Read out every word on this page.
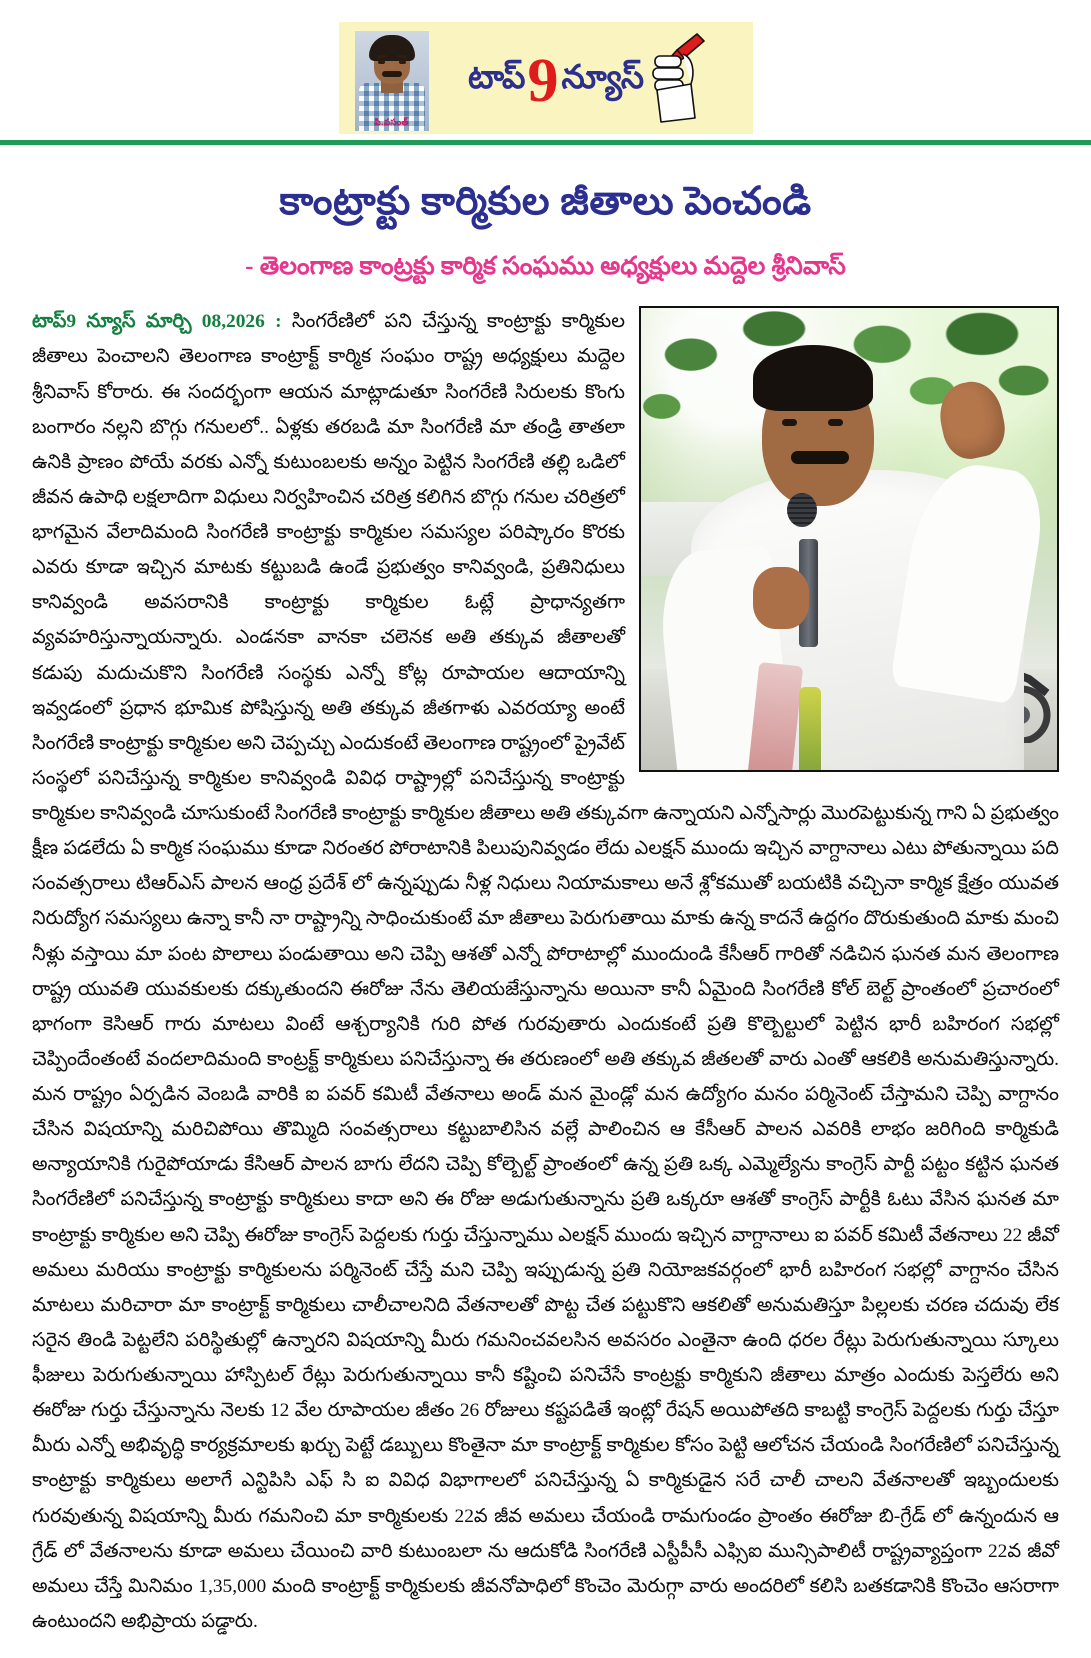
పి.వసంత్
టాప్ 9 న్యూస్
కాంట్రాక్టు కార్మికుల జీతాలు పెంచండి
- తెలంగాణ కాంట్రక్టు కార్మిక సంఘము అధ్యక్షులు మద్దెల శ్రీనివాస్

టాప్9 న్యూస్ మార్చి 08,2026 : సింగరేణిలో పని చేస్తున్న కాంట్రాక్టు కార్మికుల జీతాలు పెంచాలని తెలంగాణ కాంట్రాక్ట్ కార్మిక సంఘం రాష్ట్ర అధ్యక్షులు మద్దెల శ్రీనివాస్ కోరారు. ఈ సందర్భంగా ఆయన మాట్లాడుతూ సింగరేణి సిరులకు కొంగు బంగారం నల్లని బొగ్గు గనులలో.. ఏళ్లకు తరబడి మా సింగరేణి మా తండ్రి తాతలా ఉనికి ప్రాణం పోయే వరకు ఎన్నో కుటుంబలకు అన్నం పెట్టిన సింగరేణి తల్లి ఒడిలో జీవన ఉపాధి లక్షలాదిగా విధులు నిర్వహించిన చరిత్ర కలిగిన బొగ్గు గనుల చరిత్రలో భాగమైన వేలాదిమంది సింగరేణి కాంట్రాక్టు కార్మికుల సమస్యల పరిష్కారం కొరకు ఎవరు కూడా ఇచ్చిన మాటకు కట్టుబడి ఉండే ప్రభుత్వం కానివ్వండి, ప్రతినిధులు కానివ్వండి అవసరానికి కాంట్రాక్టు కార్మికుల ఓట్లే ప్రాధాన్యతగా వ్యవహరిస్తున్నాయన్నారు. ఎండనకా వానకా చలెనక అతి తక్కువ జీతాలతో కడుపు మదుచుకొని సింగరేణి సంస్థకు ఎన్నో కోట్ల రూపాయల ఆదాయాన్ని ఇవ్వడంలో ప్రధాన భూమిక పోషిస్తున్న అతి తక్కువ జీతగాళు ఎవరయ్యా అంటే సింగరేణి కాంట్రాక్టు కార్మికుల అని చెప్పచ్చు ఎందుకంటే తెలంగాణ రాష్ట్రంలో ప్రైవేట్ సంస్థలో పనిచేస్తున్న కార్మికుల కానివ్వండి వివిధ రాష్ట్రాల్లో పనిచేస్తున్న కాంట్రాక్టు కార్మికుల కానివ్వండి చూసుకుంటే సింగరేణి కాంట్రాక్టు కార్మికుల జీతాలు అతి తక్కువగా ఉన్నాయని ఎన్నోసార్లు మొరపెట్టుకున్న గాని ఏ ప్రభుత్వం క్షీణ పడలేదు ఏ కార్మిక సంఘము కూడా నిరంతర పోరాటానికి పిలుపునివ్వడం లేదు ఎలక్షన్ ముందు ఇచ్చిన వాగ్దానాలు ఎటు పోతున్నాయి పది సంవత్సరాలు టిఆర్ఎస్ పాలన ఆంధ్ర ప్రదేశ్ లో ఉన్నప్పుడు నీళ్ల నిధులు నియామకాలు అనే శ్లోకముతో బయటికి వచ్చినా కార్మిక క్షేత్రం యువత నిరుద్యోగ సమస్యలు ఉన్నా కానీ నా రాష్ట్రాన్ని సాధించుకుంటే మా జీతాలు పెరుగుతాయి మాకు ఉన్న కాదనే ఉద్దగం దొరుకుతుంది మాకు మంచి నీళ్లు వస్తాయి మా పంట పొలాలు పండుతాయి అని చెప్పి ఆశతో ఎన్నో పోరాటాల్లో ముందుండి కేసీఆర్ గారితో నడిచిన ఘనత మన తెలంగాణ రాష్ట్ర యువతి యువకులకు దక్కుతుందని ఈరోజు నేను తెలియజేస్తున్నాను అయినా కానీ ఏమైంది సింగరేణి కోల్ బెల్ట్ ప్రాంతంలో ప్రచారంలో భాగంగా కెసిఆర్ గారు మాటలు వింటే ఆశ్చర్యానికి గురి పోత గురవుతారు ఎందుకంటే ప్రతి కొల్బెల్టులో పెట్టిన భారీ బహిరంగ సభల్లో చెప్పిందేంతంటే వందలాదిమంది కాంట్రక్ట్ కార్మికులు పనిచేస్తున్నా ఈ తరుణంలో అతి తక్కువ జీతలతో వారు ఎంతో ఆకలికి అనుమతిస్తున్నారు. మన రాష్ట్రం ఏర్పడిన వెంబడి వారికి ఐ పవర్ కమిటీ వేతనాలు అండ్ మన మైండ్లో మన ఉద్యోగం మనం పర్మినెంట్ చేస్తామని చెప్పి వాగ్దానం చేసిన విషయాన్ని మరిచిపోయి తొమ్మిది సంవత్సరాలు కట్టుబాలిసిన వల్లే పాలించిన ఆ కేసీఆర్ పాలన ఎవరికి లాభం జరిగింది కార్మికుడి అన్యాయానికి గురైపోయాడు కేసిఆర్ పాలన బాగు లేదని చెప్పి కోల్బెల్ట్ ప్రాంతంలో ఉన్న ప్రతి ఒక్క ఎమ్మెల్యేను కాంగ్రెస్ పార్టీ పట్టం కట్టిన ఘనత సింగరేణిలో పనిచేస్తున్న కాంట్రాక్టు కార్మికులు కాదా అని ఈ రోజు అడుగుతున్నాను ప్రతి ఒక్కరూ ఆశతో కాంగ్రెస్ పార్టీకి ఓటు వేసిన ఘనత మా కాంట్రాక్టు కార్మికుల అని చెప్పి ఈరోజు కాంగ్రెస్ పెద్దలకు గుర్తు చేస్తున్నాము ఎలక్షన్ ముందు ఇచ్చిన వాగ్దానాలు ఐ పవర్ కమిటీ వేతనాలు 22 జీవో అమలు మరియు కాంట్రాక్టు కార్మికులను పర్మినెంట్ చేస్తే మని చెప్పి ఇప్పుడున్న ప్రతి నియోజకవర్గంలో భారీ బహిరంగ సభల్లో వాగ్దానం చేసిన మాటలు మరిచారా మా కాంట్రాక్ట్ కార్మికులు చాలీచాలనిది వేతనాలతో పొట్ట చేత పట్టుకొని ఆకలితో అనుమతిస్తూ పిల్లలకు చరణ చదువు లేక సరైన తిండి పెట్టలేని పరిస్థితుల్లో ఉన్నారని విషయాన్ని మీరు గమనించవలసిన అవసరం ఎంతైనా ఉంది ధరల రేట్లు పెరుగుతున్నాయి స్కూలు ఫీజులు పెరుగుతున్నాయి హాస్పిటల్ రేట్లు పెరుగుతున్నాయి కానీ కష్టించి పనిచేసే కాంట్రక్టు కార్మికుని జీతాలు మాత్రం ఎందుకు పెస్తలేరు అని ఈరోజు గుర్తు చేస్తున్నాను నెలకు 12 వేల రూపాయల జీతం 26 రోజులు కష్టపడితే ఇంట్లో రేషన్ అయిపోతది కాబట్టి కాంగ్రెస్ పెద్దలకు గుర్తు చేస్తూ మీరు ఎన్నో అభివృద్ధి కార్యక్రమాలకు ఖర్చు పెట్టే డబ్బులు కొంతైనా మా కాంట్రాక్ట్ కార్మికుల కోసం పెట్టి ఆలోచన చేయండి సింగరేణిలో పనిచేస్తున్న కాంట్రాక్టు కార్మికులు అలాగే ఎన్టిపిసి ఎఫ్ సి ఐ వివిధ విభాగాలలో పనిచేస్తున్న ఏ కార్మికుడైన సరే చాలీ చాలని వేతనాలతో ఇబ్బందులకు గురవుతున్న విషయాన్ని మీరు గమనించి మా కార్మికులకు 22వ జీవ అమలు చేయండి రామగుండం ప్రాంతం ఈరోజు బి-గ్రేడ్ లో ఉన్నందున ఆ గ్రేడ్ లో వేతనాలను కూడా అమలు చేయించి వారి కుటుంబలా ను ఆదుకోడి సింగరేణి ఎస్టీపీసీ ఎఫ్సిఐ మున్సిపాలిటీ రాష్ట్రవ్యాప్తంగా 22వ జీవో అమలు చేస్తే మినిమం 1,35,000 మంది కాంట్రాక్ట్ కార్మికులకు జీవనోపాధిలో కొంచెం మెరుగ్గా వారు అందరిలో కలిసి బతకడానికి కొంచెం ఆసరాగా ఉంటుందని అభిప్రాయ పడ్డారు.
